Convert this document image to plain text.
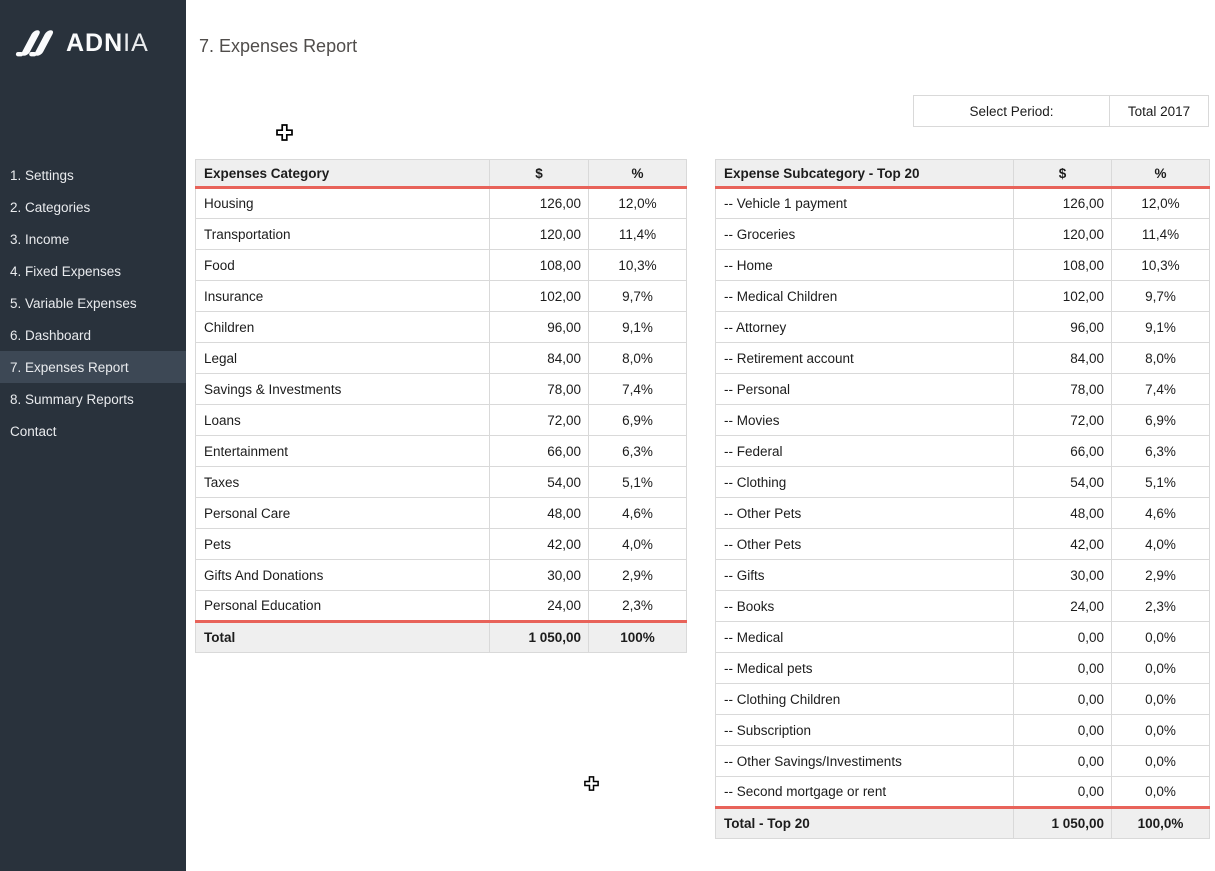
ADNIA
1. Settings
2. Categories
3. Income
4. Fixed Expenses
5. Variable Expenses
6. Dashboard
7. Expenses Report
8. Summary Reports
Contact
7. Expenses Report
Select Period:	Total 2017
Expenses Category	$	%
Housing	126,00	12,0%
Transportation	120,00	11,4%
Food	108,00	10,3%
Insurance	102,00	9,7%
Children	96,00	9,1%
Legal	84,00	8,0%
Savings & Investments	78,00	7,4%
Loans	72,00	6,9%
Entertainment	66,00	6,3%
Taxes	54,00	5,1%
Personal Care	48,00	4,6%
Pets	42,00	4,0%
Gifts And Donations	30,00	2,9%
Personal Education	24,00	2,3%
Total	1 050,00	100%
Expense Subcategory - Top 20	$	%
-- Vehicle 1 payment	126,00	12,0%
-- Groceries	120,00	11,4%
-- Home	108,00	10,3%
-- Medical Children	102,00	9,7%
-- Attorney	96,00	9,1%
-- Retirement account	84,00	8,0%
-- Personal	78,00	7,4%
-- Movies	72,00	6,9%
-- Federal	66,00	6,3%
-- Clothing	54,00	5,1%
-- Other Pets	48,00	4,6%
-- Other Pets	42,00	4,0%
-- Gifts	30,00	2,9%
-- Books	24,00	2,3%
-- Medical	0,00	0,0%
-- Medical pets	0,00	0,0%
-- Clothing Children	0,00	0,0%
-- Subscription	0,00	0,0%
-- Other Savings/Investiments	0,00	0,0%
-- Second mortgage or rent	0,00	0,0%
Total - Top 20	1 050,00	100,0%
